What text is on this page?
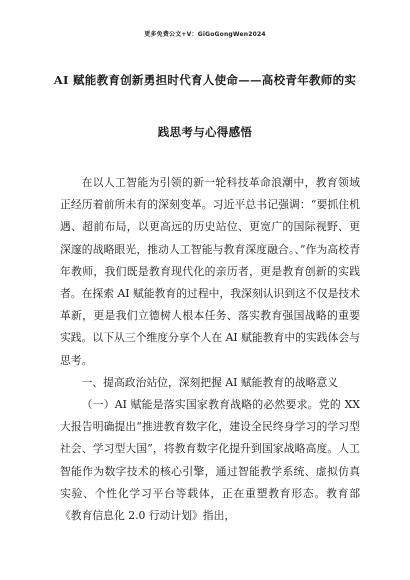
更多免费公文+V：GiGoGongWen2024
AI 赋能教育创新勇担时代育人使命——高校青年教师的实
践思考与心得感悟

在以人工智能为引领的新一轮科技革命浪潮中，教育领域正经历着前所未有的深刻变革。习近平总书记强调：“要抓住机遇、超前布局，以更高远的历史站位、更宽广的国际视野、更深邃的战略眼光，推动人工智能与教育深度融合。、”作为高校青年教师，我们既是教育现代化的亲历者，更是教育创新的实践者。在探索 AI 赋能教育的过程中，我深刻认识到这不仅是技术革新，更是我们立德树人根本任务、落实教育强国战略的重要实践。以下从三个维度分享个人在 AI 赋能教育中的实践体会与思考。

一、提高政治站位，深刻把握 AI 赋能教育的战略意义

（一）AI 赋能是落实国家教育战略的必然要求。党的 XX 大报告明确提出“推进教育数字化，建设全民终身学习的学习型社会、学习型大国”，将教育数字化提升到国家战略高度。人工智能作为数字技术的核心引擎，通过智能教学系统、虚拟仿真实验、个性化学习平台等载体，正在重塑教育形态。教育部《教育信息化 2.0 行动计划》指出，
